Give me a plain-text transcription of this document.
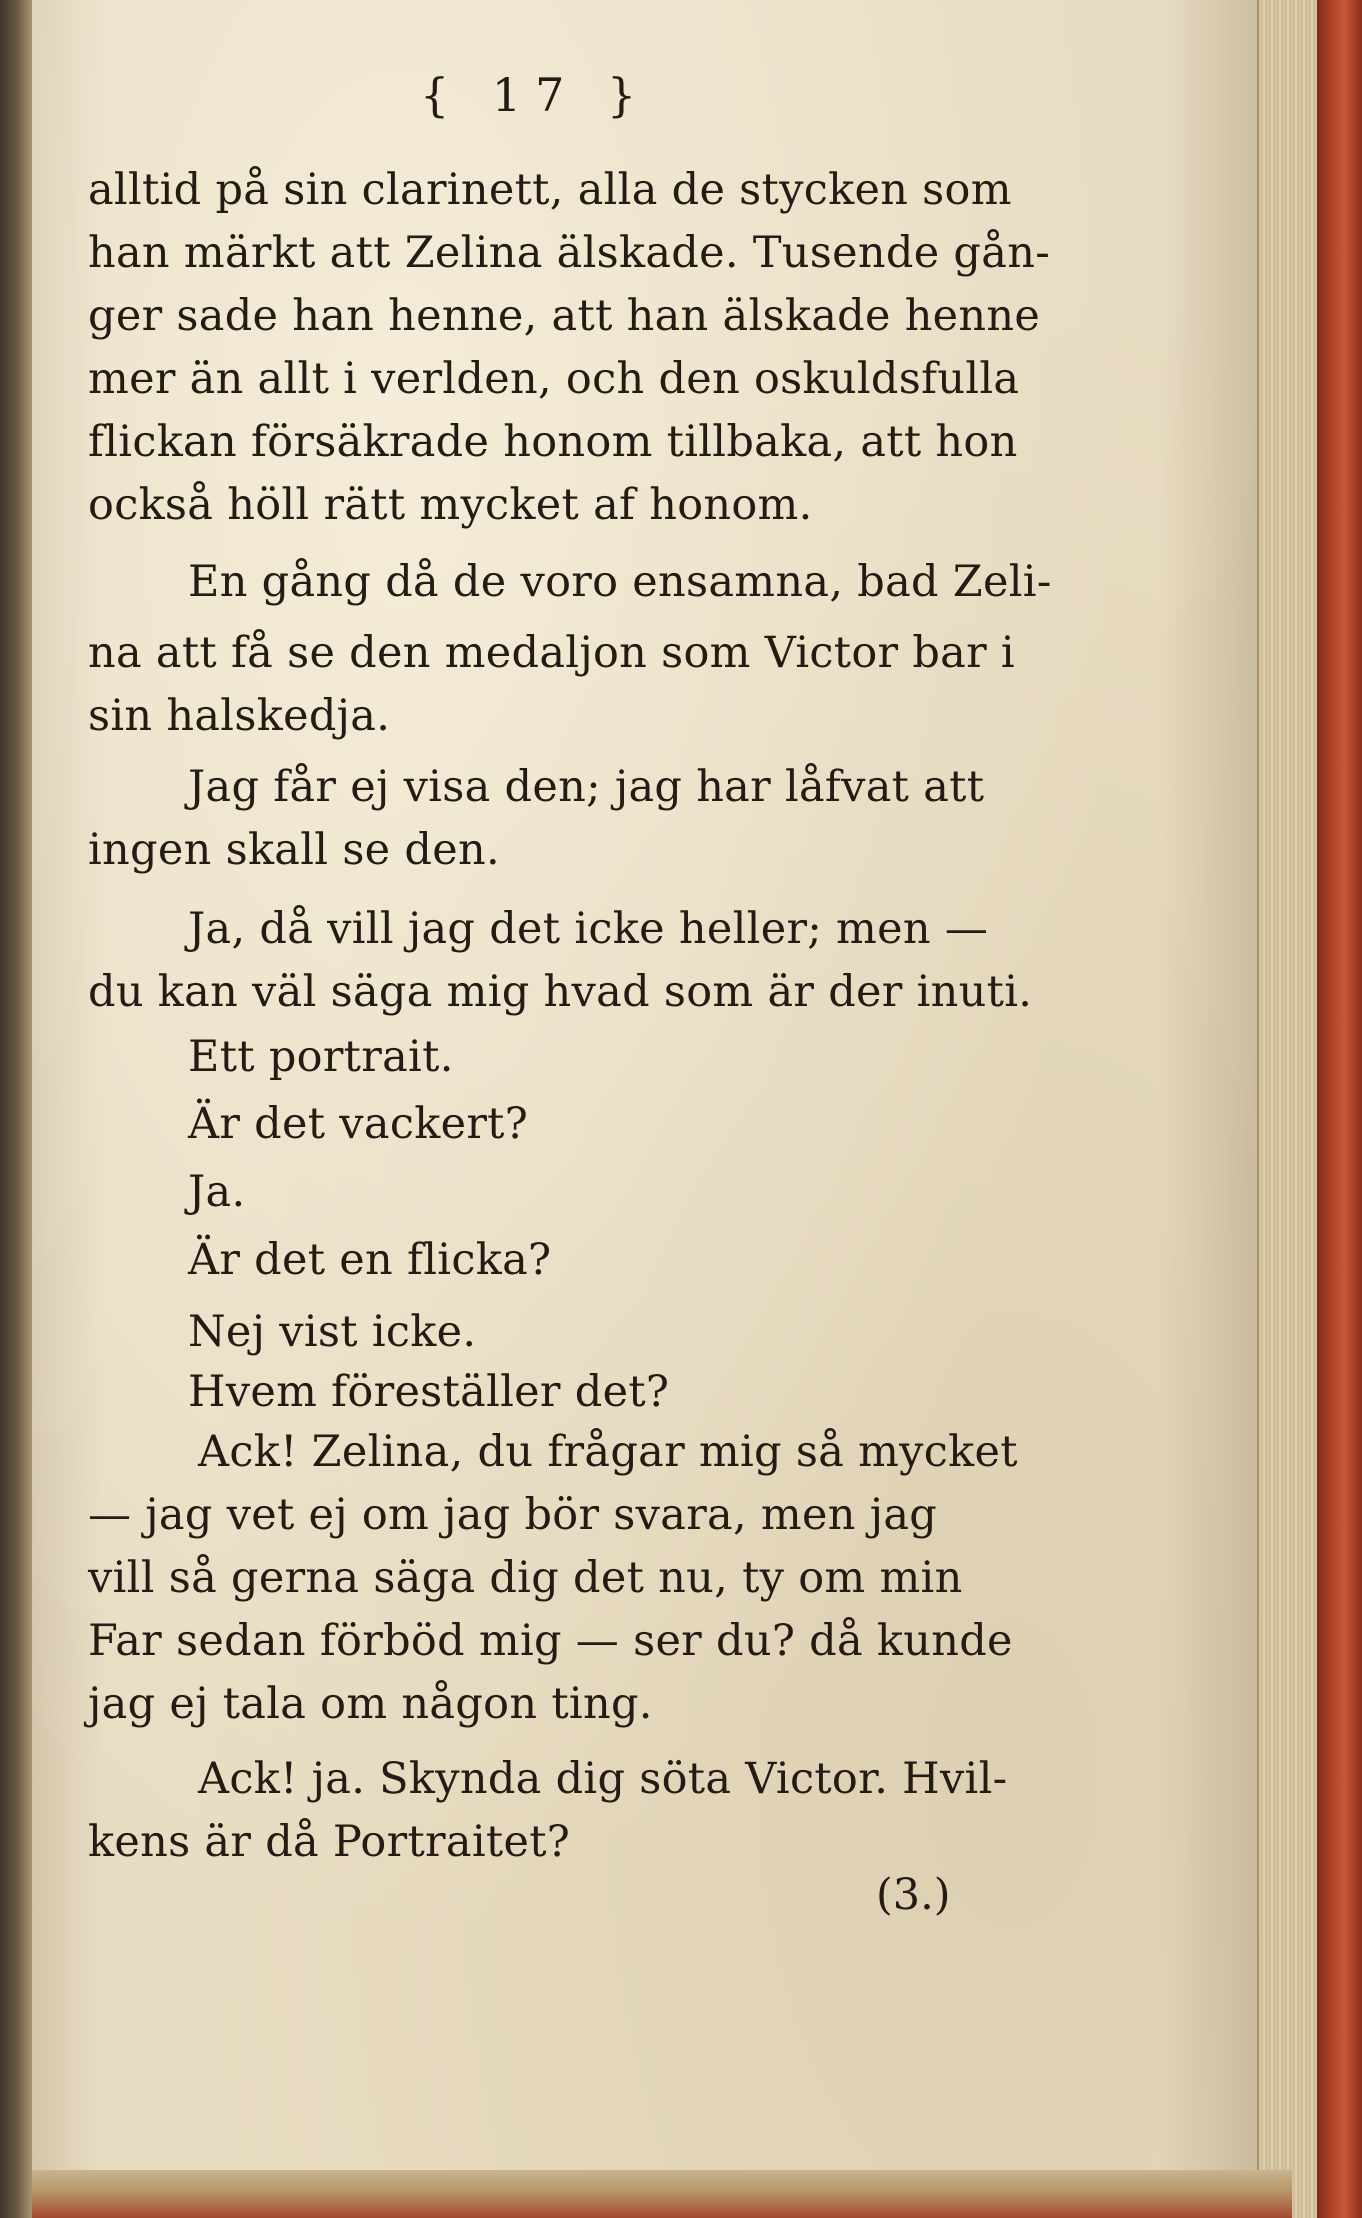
{ 17 }
alltid på sin clarinett, alla de stycken som
han märkt att Zelina älskade. Tusende gån-
ger sade han henne, att han älskade henne
mer än allt i verlden, och den oskuldsfulla
flickan försäkrade honom tillbaka, att hon
också höll rätt mycket af honom.
En gång då de voro ensamna, bad Zeli-
na att få se den medaljon som Victor bar i
sin halskedja.
Jag får ej visa den; jag har låfvat att
ingen skall se den.
Ja, då vill jag det icke heller; men —
du kan väl säga mig hvad som är der inuti.
Ett portrait.
Är det vackert?
Ja.
Är det en flicka?
Nej vist icke.
Hvem föreställer det?
Ack! Zelina, du frågar mig så mycket
— jag vet ej om jag bör svara, men jag
vill så gerna säga dig det nu, ty om min
Far sedan förböd mig — ser du? då kunde
jag ej tala om någon ting.
Ack! ja. Skynda dig söta Victor. Hvil-
kens är då Portraitet?
(3.)
